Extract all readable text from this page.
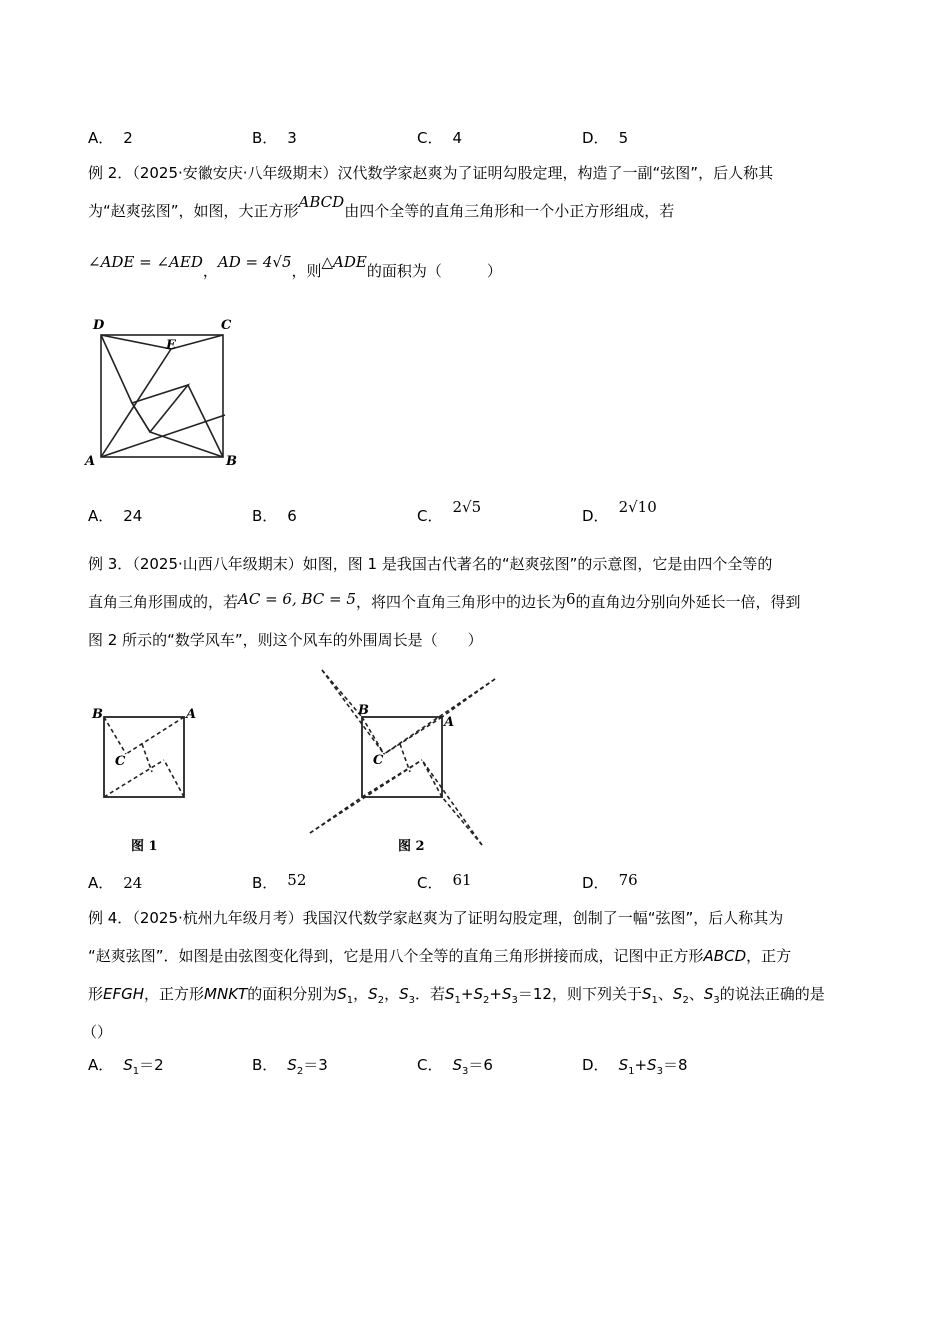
A． 2	B． 3	C． 4	D． 5
例 2．（2025·安徽安庆·八年级期末）汉代数学家赵爽为了证明勾股定理，构造了一副“弦图”，后人称其
为“赵爽弦图”，如图，大正方形ABCD由四个全等的直角三角形和一个小正方形组成，若
∠ADE = ∠AED，AD = 4√5，则△ADE的面积为（　　　）
D	C
E
A	B
A． 24	B． 6	C． 2√5	D． 2√10
例 3．（2025·山西八年级期末）如图，图 1 是我国古代著名的“赵爽弦图”的示意图，它是由四个全等的
直角三角形围成的，若AC = 6, BC = 5，将四个直角三角形中的边长为6的直角边分别向外延长一倍，得到
图 2 所示的“数学风车”，则这个风车的外围周长是（　　）
B	A
C
图 1
B
A
C
图 2
A． 24	B． 52	C． 61	D． 76
例 4．（2025·杭州九年级月考）我国汉代数学家赵爽为了证明勾股定理，创制了一幅“弦图”，后人称其为
“赵爽弦图”．如图是由弦图变化得到，它是用八个全等的直角三角形拼接而成，记图中正方形ABCD，正方
形EFGH，正方形MNKT的面积分别为$S_1$，$S_2$，$S_3$．若$S_1+S_2+S_3=12$，则下列关于$S_1$、$S_2$、$S_3$的说法正确的是
（）
A． $S_1=2$	B． $S_2=3$	C． $S_3=6$	D． $S_1+S_3=8$
